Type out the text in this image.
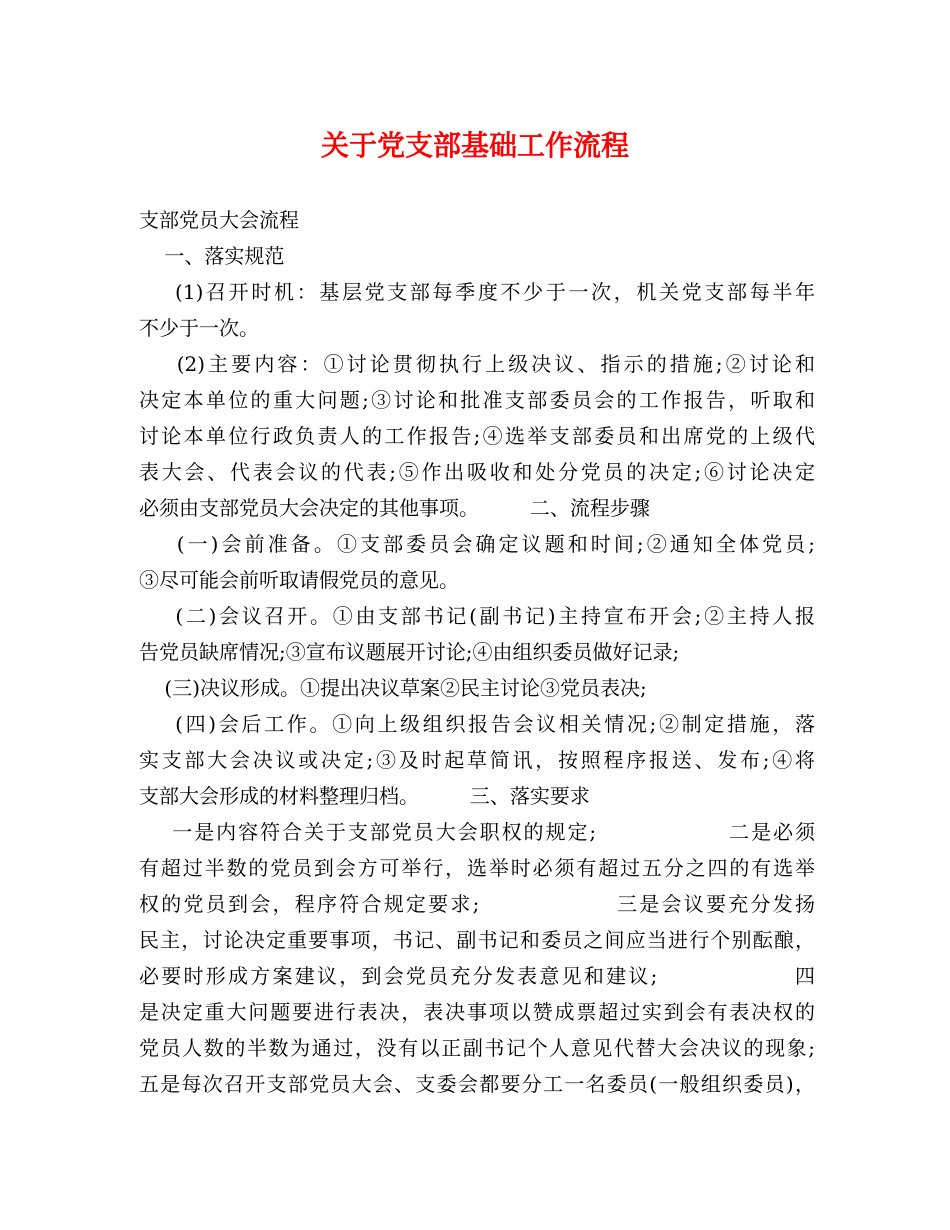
关于党支部基础工作流程
支部党员大会流程
一、落实规范
(1)召开时机：基层党支部每季度不少于一次，机关党支部每半年
不少于一次。
(2)主要内容：①讨论贯彻执行上级决议、指示的措施;②讨论和
决定本单位的重大问题;③讨论和批准支部委员会的工作报告，听取和
讨论本单位行政负责人的工作报告;④选举支部委员和出席党的上级代
表大会、代表会议的代表;⑤作出吸收和处分党员的决定;⑥讨论决定
必须由支部党员大会决定的其他事项。        二、流程步骤
(一)会前准备。①支部委员会确定议题和时间;②通知全体党员;
③尽可能会前听取请假党员的意见。
(二)会议召开。①由支部书记(副书记)主持宣布开会;②主持人报
告党员缺席情况;③宣布议题展开讨论;④由组织委员做好记录;
(三)决议形成。①提出决议草案②民主讨论③党员表决;
(四)会后工作。①向上级组织报告会议相关情况;②制定措施，落
实支部大会决议或决定;③及时起草简讯，按照程序报送、发布;④将
支部大会形成的材料整理归档。        三、落实要求
一是内容符合关于支部党员大会职权的规定;                二是必须
有超过半数的党员到会方可举行，选举时必须有超过五分之四的有选举
权的党员到会，程序符合规定要求;                三是会议要充分发扬
民主，讨论决定重要事项，书记、副书记和委员之间应当进行个别酝酿，
必要时形成方案建议，到会党员充分发表意见和建议;                四
是决定重大问题要进行表决，表决事项以赞成票超过实到会有表决权的
党员人数的半数为通过，没有以正副书记个人意见代替大会决议的现象;
五是每次召开支部党员大会、支委会都要分工一名委员(一般组织委员)，
